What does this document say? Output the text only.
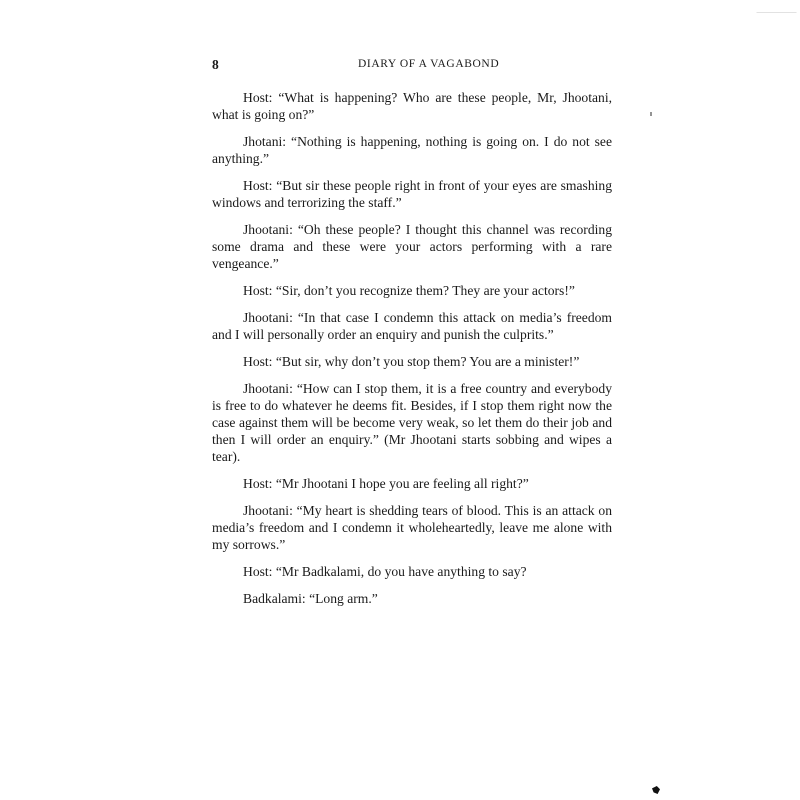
8	DIARY OF A VAGABOND

Host: “What is happening? Who are these people, Mr, Jhootani, what is going on?”

Jhotani: “Nothing is happening, nothing is going on. I do not see anything.”

Host: “But sir these people right in front of your eyes are smashing windows and terrorizing the staff.”

Jhootani: “Oh these people? I thought this channel was recording some drama and these were your actors performing with a rare vengeance.”

Host: “Sir, don’t you recognize them? They are your actors!”

Jhootani: “In that case I condemn this attack on media’s freedom and I will personally order an enquiry and punish the culprits.”

Host: “But sir, why don’t you stop them? You are a minister!”

Jhootani: “How can I stop them, it is a free country and everybody is free to do whatever he deems fit. Besides, if I stop them right now the case against them will be become very weak, so let them do their job and then I will order an enquiry.” (Mr Jhootani starts sobbing and wipes a tear).

Host: “Mr Jhootani I hope you are feeling all right?”

Jhootani: “My heart is shedding tears of blood. This is an attack on media’s freedom and I condemn it wholeheartedly, leave me alone with my sorrows.”

Host: “Mr Badkalami, do you have anything to say?

Badkalami: “Long arm.”
